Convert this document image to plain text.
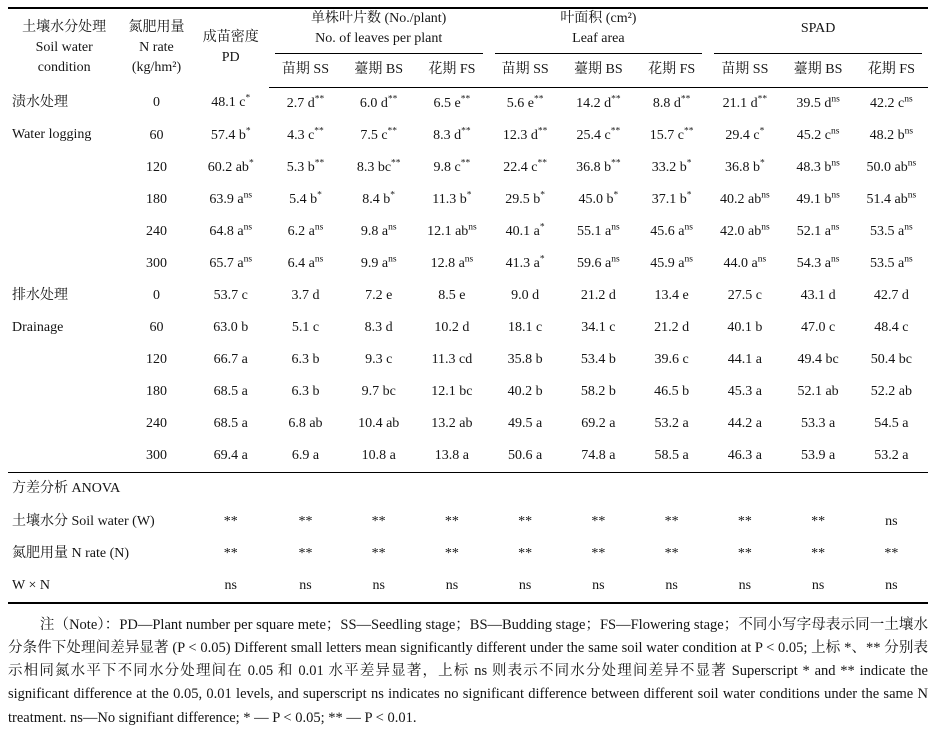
土壤水分处理
Soil water
condition

氮肥用量
N rate
(kg/hm²)

成苗密度
PD

单株叶片数 (No./plant)
No. of leaves per plant

叶面积 (cm²)
Leaf area

SPAD

			苗期 SS	薹期 BS	花期 FS	苗期 SS	薹期 BS	花期 FS	苗期 SS	薹期 BS	花期 FS

渍水处理
Water logging	0	48.1 c*	2.7 d**	6.0 d**	6.5 e**	5.6 e**	14.2 d**	8.8 d**	21.1 d**	39.5 $d^{ns}$	42.2 $c^{ns}$
	60	57.4 b*	4.3 c**	7.5 c**	8.3 d**	12.3 d**	25.4 c**	15.7 c**	29.4 c*	45.2 $c^{ns}$	48.2 $b^{ns}$
	120	60.2 ab*	5.3 b**	8.3 bc**	9.8 c**	22.4 c**	36.8 b**	33.2 b*	36.8 b*	48.3 $b^{ns}$	50.0 $ab^{ns}$
	180	63.9 $a^{ns}$	5.4 b*	8.4 b*	11.3 b*	29.5 b*	45.0 b*	37.1 b*	40.2 $ab^{ns}$	49.1 $b^{ns}$	51.4 $ab^{ns}$
	240	64.8 $a^{ns}$	6.2 $a^{ns}$	9.8 $a^{ns}$	12.1 $ab^{ns}$	40.1 a*	55.1 $a^{ns}$	45.6 $a^{ns}$	42.0 $ab^{ns}$	52.1 $a^{ns}$	53.5 $a^{ns}$
	300	65.7 $a^{ns}$	6.4 $a^{ns}$	9.9 $a^{ns}$	12.8 $a^{ns}$	41.3 a*	59.6 $a^{ns}$	45.9 $a^{ns}$	44.0 $a^{ns}$	54.3 $a^{ns}$	53.5 $a^{ns}$

排水处理
Drainage	0	53.7 c	3.7 d	7.2 e	8.5 e	9.0 d	21.2 d	13.4 e	27.5 c	43.1 d	42.7 d
	60	63.0 b	5.1 c	8.3 d	10.2 d	18.1 c	34.1 c	21.2 d	40.1 b	47.0 c	48.4 c
	120	66.7 a	6.3 b	9.3 c	11.3 cd	35.8 b	53.4 b	39.6 c	44.1 a	49.4 bc	50.4 bc
	180	68.5 a	6.3 b	9.7 bc	12.1 bc	40.2 b	58.2 b	46.5 b	45.3 a	52.1 ab	52.2 ab
	240	68.5 a	6.8 ab	10.4 ab	13.2 ab	49.5 a	69.2 a	53.2 a	44.2 a	53.3 a	54.5 a
	300	69.4 a	6.9 a	10.8 a	13.8 a	50.6 a	74.8 a	58.5 a	46.3 a	53.9 a	53.2 a
方差分析 ANOVA											
土壤水分 Soil water (W)		**	**	**	**	**	**	**	**	**	ns
氮肥用量 N rate (N)		**	**	**	**	**	**	**	**	**	**
W × N		ns	ns	ns	ns	ns	ns	ns	ns	ns	ns

注（Note）：PD—Plant number per square mete；SS—Seedling stage；BS—Budding stage；FS—Flowering stage；不同小写字母表示同一土壤水分条件下处理间差异显著 (P < 0.05) Different small letters mean significantly different under the same soil water condition at P < 0.05; 上标 *、** 分别表示相同氮水平下不同水分处理间在 0.05 和 0.01 水平差异显著，上标 ns 则表示不同水分处理间差异不显著 Superscript * and ** indicate the significant difference at the 0.05, 0.01 levels, and superscript ns indicates no significant difference between different soil water conditions under the same N treatment. ns—No signifiant difference; * — P < 0.05; ** — P < 0.01.
